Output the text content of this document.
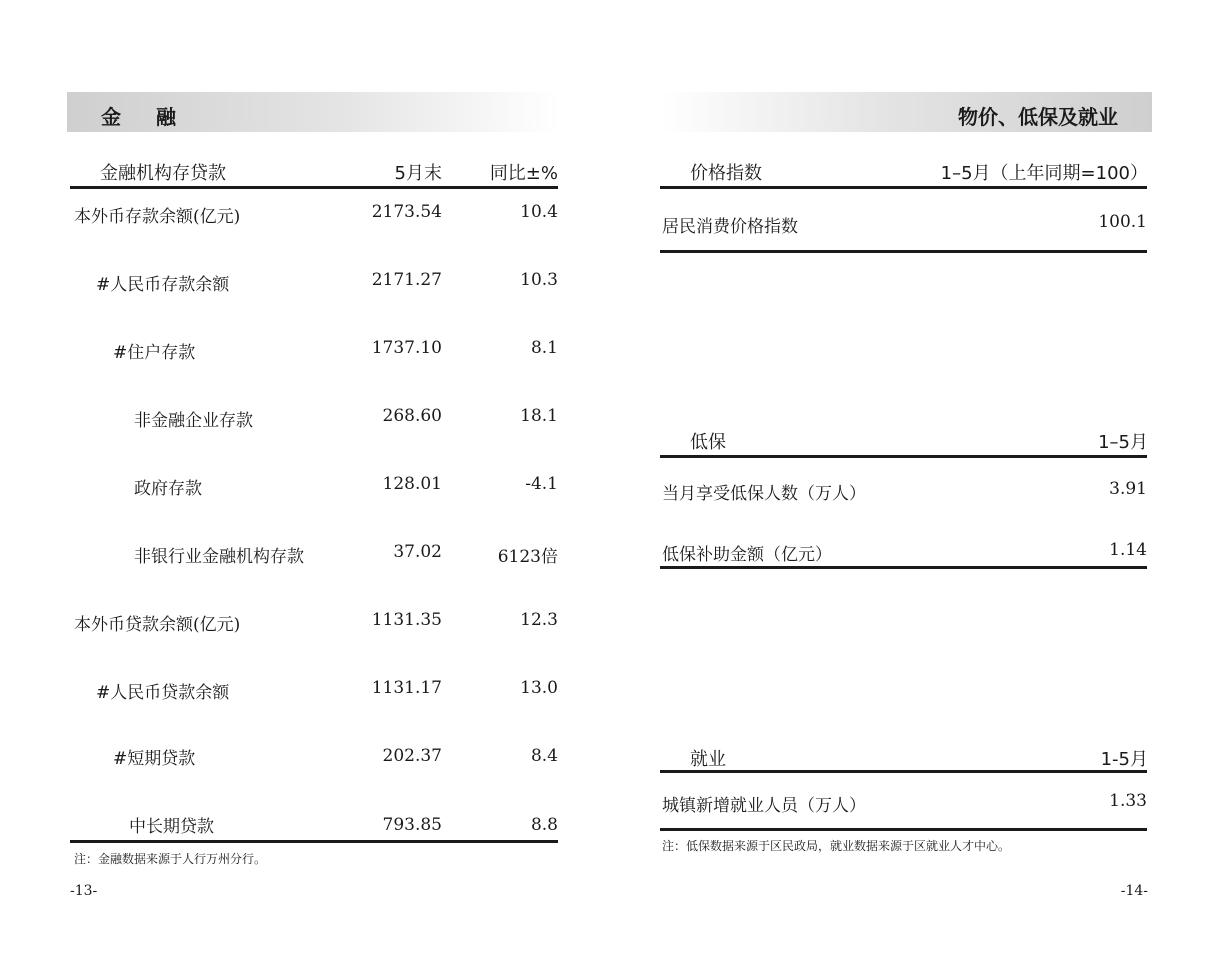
金 融
金融机构存贷款	5月末	同比±%
本外币存款余额(亿元)	2173.54	10.4
#人民币存款余额	2171.27	10.3
#住户存款	1737.10	8.1
非金融企业存款	268.60	18.1
政府存款	128.01	-4.1
非银行业金融机构存款	37.02	6123倍
本外币贷款余额(亿元)	1131.35	12.3
#人民币贷款余额	1131.17	13.0
#短期贷款	202.37	8.4
中长期贷款	793.85	8.8
注：金融数据来源于人行万州分行。
-13-
物价、低保及就业
价格指数	1–5月（上年同期=100）
居民消费价格指数	100.1
低保	1–5月
当月享受低保人数（万人）	3.91
低保补助金额（亿元）	1.14
就业	1-5月
城镇新增就业人员（万人）	1.33
注：低保数据来源于区民政局，就业数据来源于区就业人才中心。
-14-
